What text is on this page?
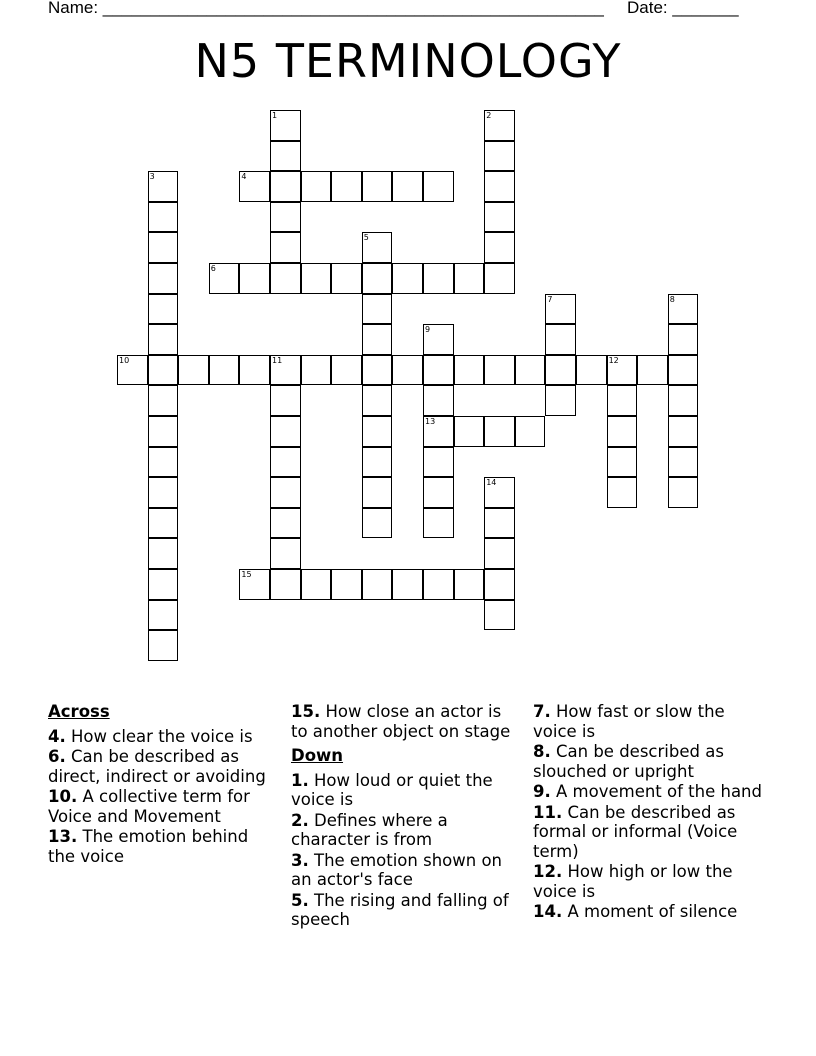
Name: _____________________________________________________ Date: _______
N5 TERMINOLOGY
1	2
3	4
5
6
7	8
9
10	11	12
13
14
15
Across
4. How clear the voice is
6. Can be described as direct, indirect or avoiding
10. A collective term for Voice and Movement
13. The emotion behind the voice
15. How close an actor is to another object on stage
Down
1. How loud or quiet the voice is
2. Defines where a character is from
3. The emotion shown on an actor's face
5. The rising and falling of speech
7. How fast or slow the voice is
8. Can be described as slouched or upright
9. A movement of the hand
11. Can be described as formal or informal (Voice term)
12. How high or low the voice is
14. A moment of silence
